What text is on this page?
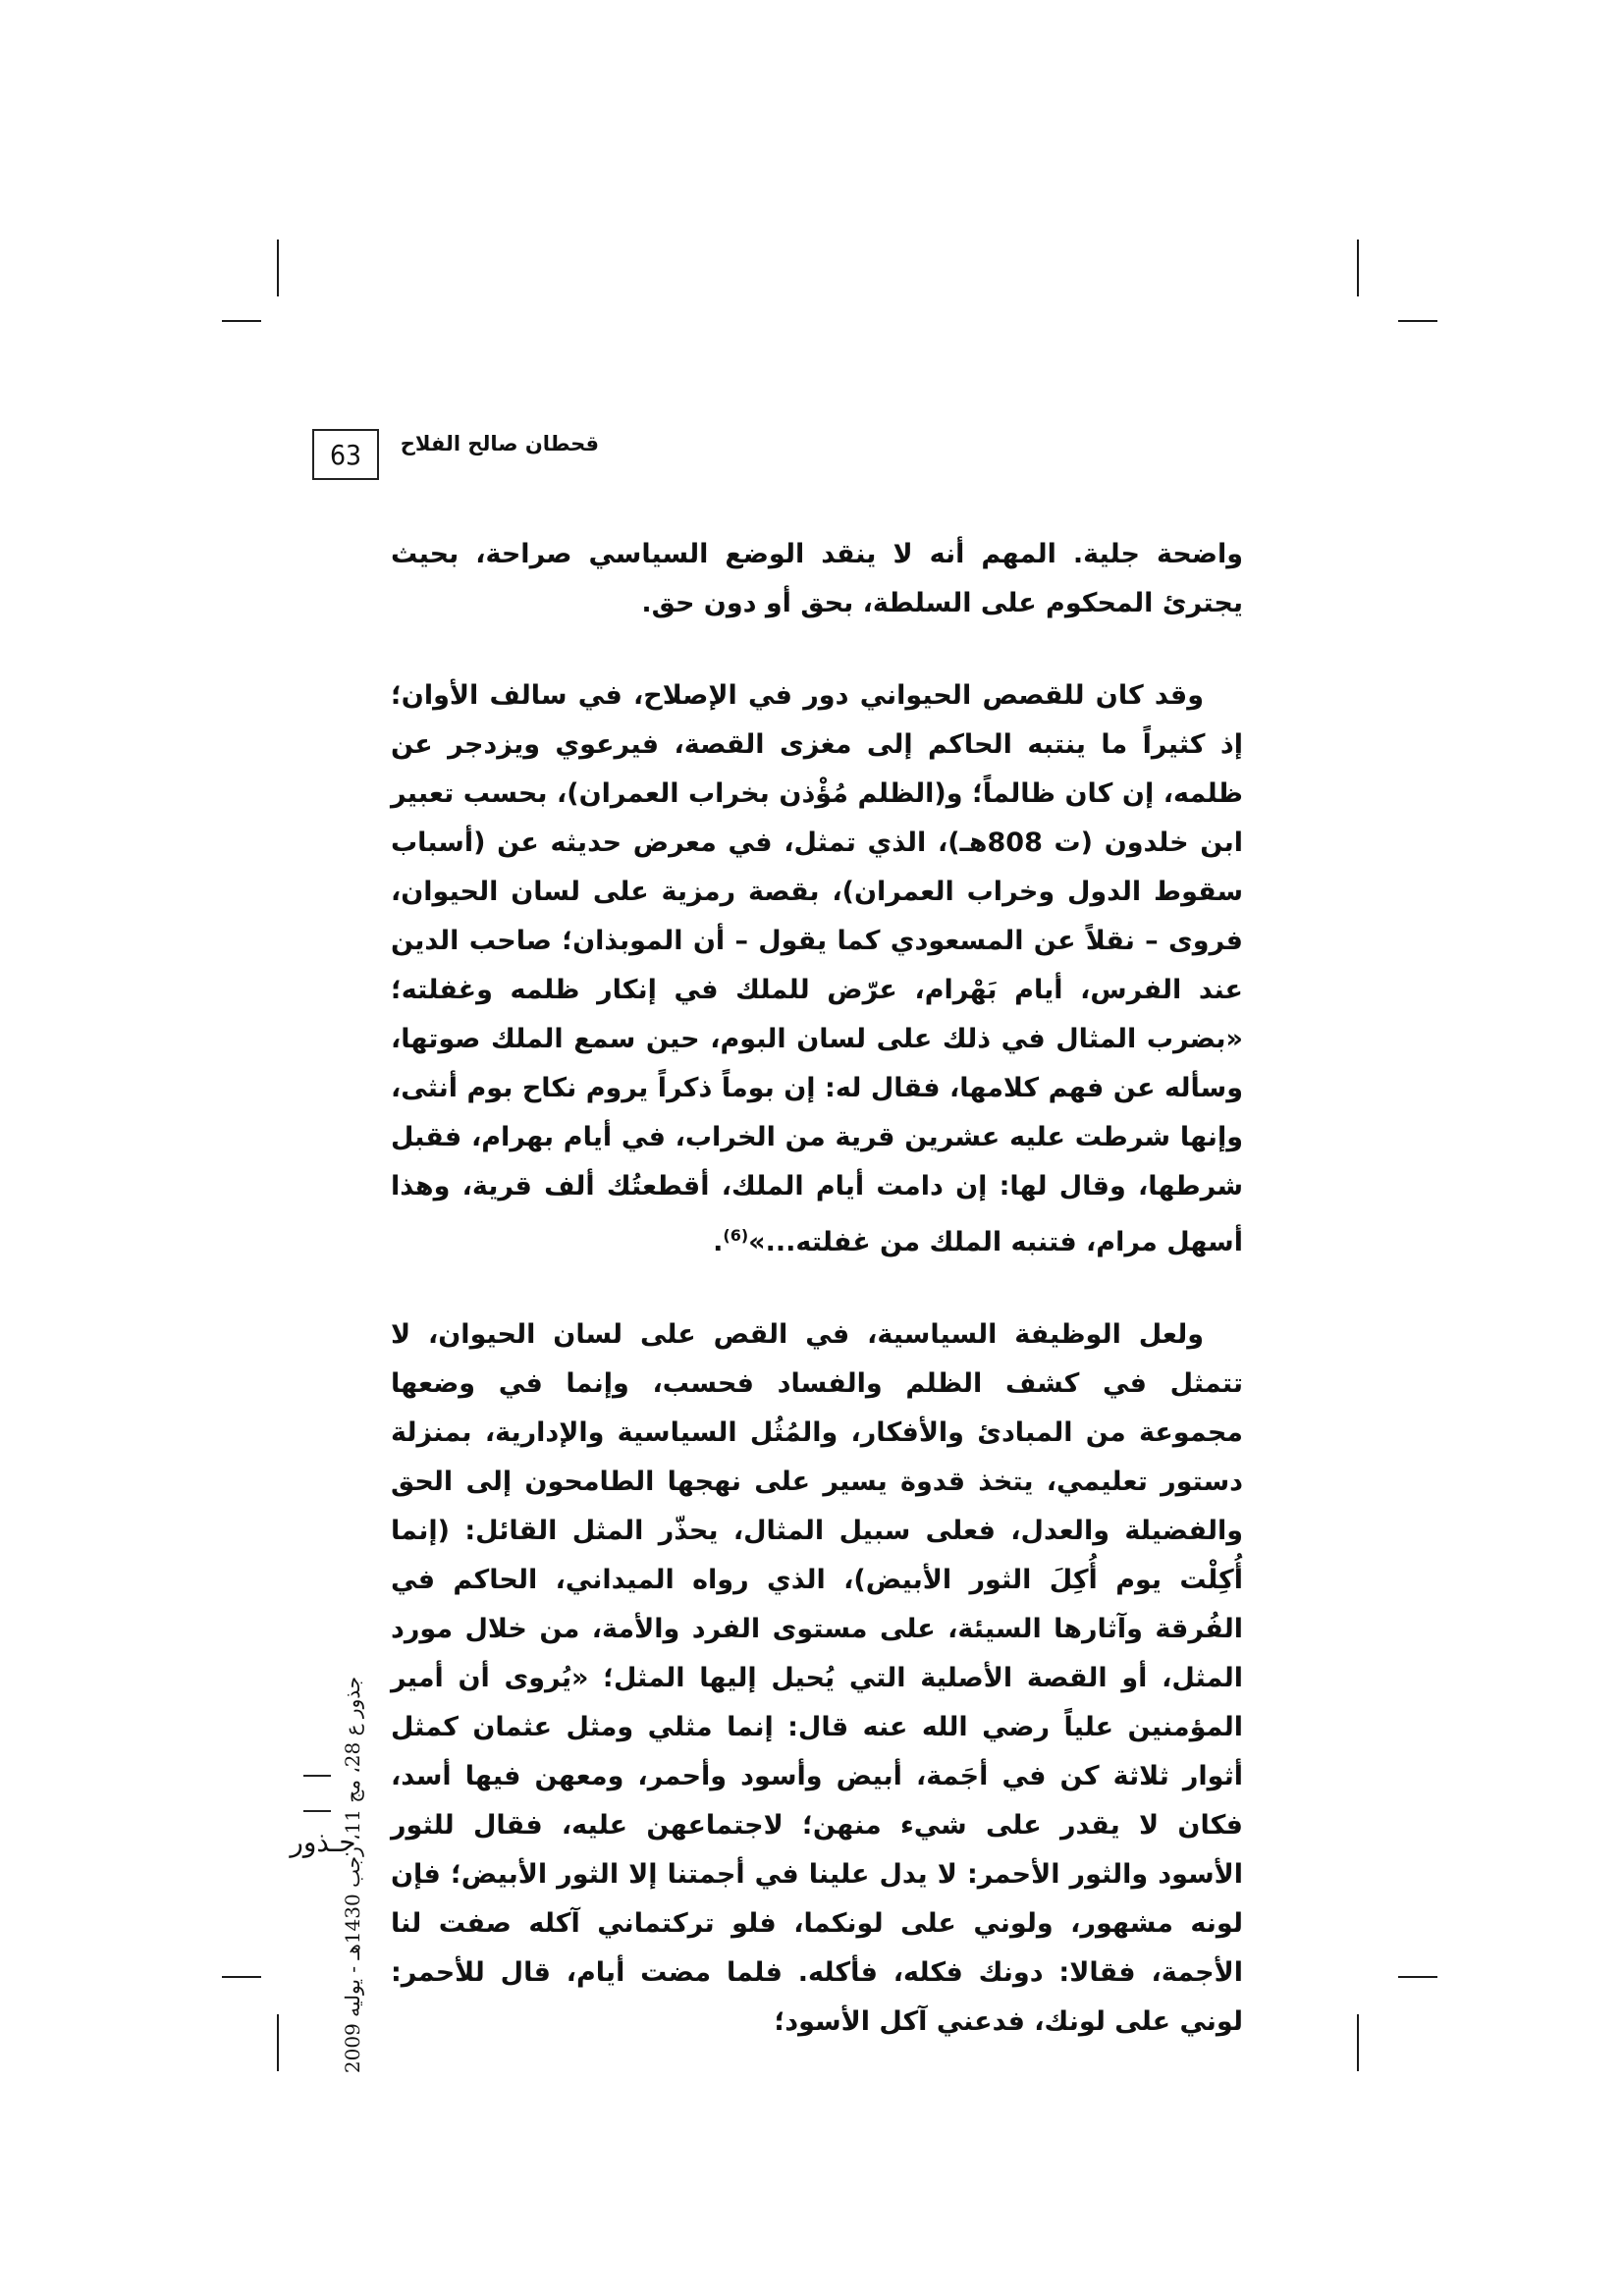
63 قحطان صالح الفلاح

واضحة جلية. المهم أنه لا ينقد الوضع السياسي صراحة، بحيث يجترئ المحكوم على السلطة، بحق أو دون حق.

وقد كان للقصص الحيواني دور في الإصلاح، في سالف الأوان؛ إذ كثيراً ما ينتبه الحاكم إلى مغزى القصة، فيرعوي ويزدجر عن ظلمه، إن كان ظالماً؛ و(الظلم مُؤْذن بخراب العمران)، بحسب تعبير ابن خلدون (ت 808هـ)، الذي تمثل، في معرض حديثه عن (أسباب سقوط الدول وخراب العمران)، بقصة رمزية على لسان الحيوان، فروى – نقلاً عن المسعودي كما يقول – أن الموبذان؛ صاحب الدين عند الفرس، أيام بَهْرام، عرّض للملك في إنكار ظلمه وغفلته؛ «بضرب المثال في ذلك على لسان البوم، حين سمع الملك صوتها، وسأله عن فهم كلامها، فقال له: إن بوماً ذكراً يروم نكاح بوم أنثى، وإنها شرطت عليه عشرين قرية من الخراب، في أيام بهرام، فقبل شرطها، وقال لها: إن دامت أيام الملك، أقطعتُك ألف قرية، وهذا أسهل مرام، فتنبه الملك من غفلته...»$^{(6)}$.

ولعل الوظيفة السياسية، في القص على لسان الحيوان، لا تتمثل في كشف الظلم والفساد فحسب، وإنما في وضعها مجموعة من المبادئ والأفكار، والمُثُل السياسية والإدارية، بمنزلة دستور تعليمي، يتخذ قدوة يسير على نهجها الطامحون إلى الحق والفضيلة والعدل، فعلى سبيل المثال، يحذّر المثل القائل: (إنما أُكِلْت يوم أُكِلَ الثور الأبيض)، الذي رواه الميداني، الحاكم في الفُرقة وآثارها السيئة، على مستوى الفرد والأمة، من خلال مورد المثل، أو القصة الأصلية التي يُحيل إليها المثل؛ «يُروى أن أمير المؤمنين علياً رضي الله عنه قال: إنما مثلي ومثل عثمان كمثل أثوار ثلاثة كن في أجَمة، أبيض وأسود وأحمر، ومعهن فيها أسد، فكان لا يقدر على شيء منهن؛ لاجتماعهن عليه، فقال للثور الأسود والثور الأحمر: لا يدل علينا في أجمتنا إلا الثور الأبيض؛ فإن لونه مشهور، ولوني على لونكما، فلو تركتماني آكله صفت لنا الأجمة، فقالا: دونك فكله، فأكله. فلما مضت أيام، قال للأحمر: لوني على لونك، فدعني آكل الأسود؛

جذور ع 28، مج 11، رجب 1430هـ - يوليه 2009
جـذور
